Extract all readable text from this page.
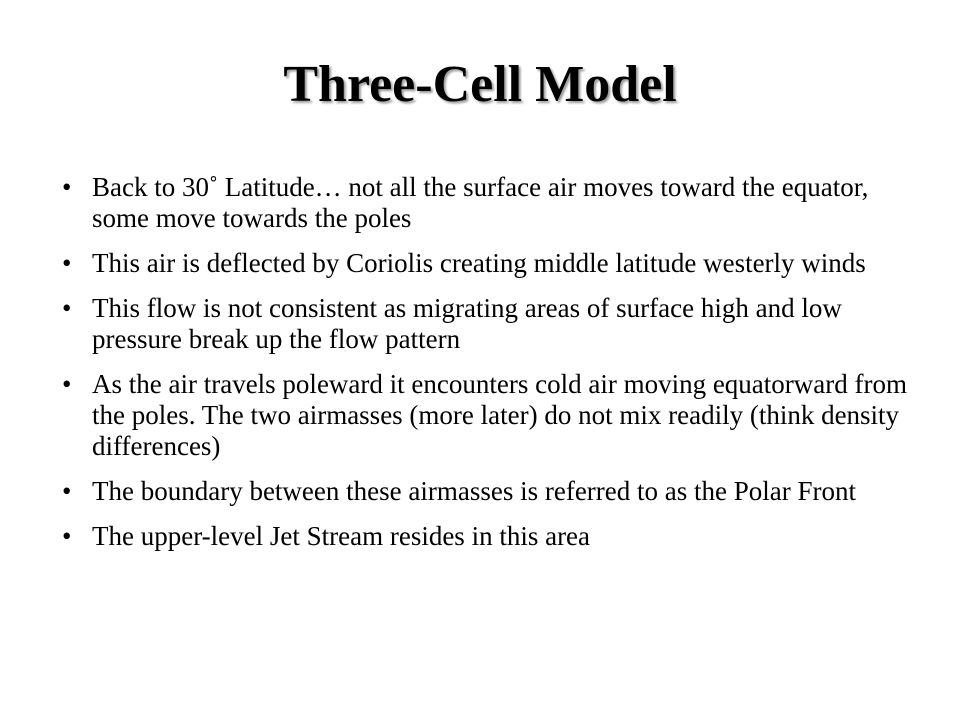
Three-Cell Model
• Back to 30˚ Latitude… not all the surface air moves toward the equator, some move towards the poles
• This air is deflected by Coriolis creating middle latitude westerly winds
• This flow is not consistent as migrating areas of surface high and low pressure break up the flow pattern
• As the air travels poleward it encounters cold air moving equatorward from the poles. The two airmasses (more later) do not mix readily (think density differences)
• The boundary between these airmasses is referred to as the Polar Front
• The upper-level Jet Stream resides in this area
